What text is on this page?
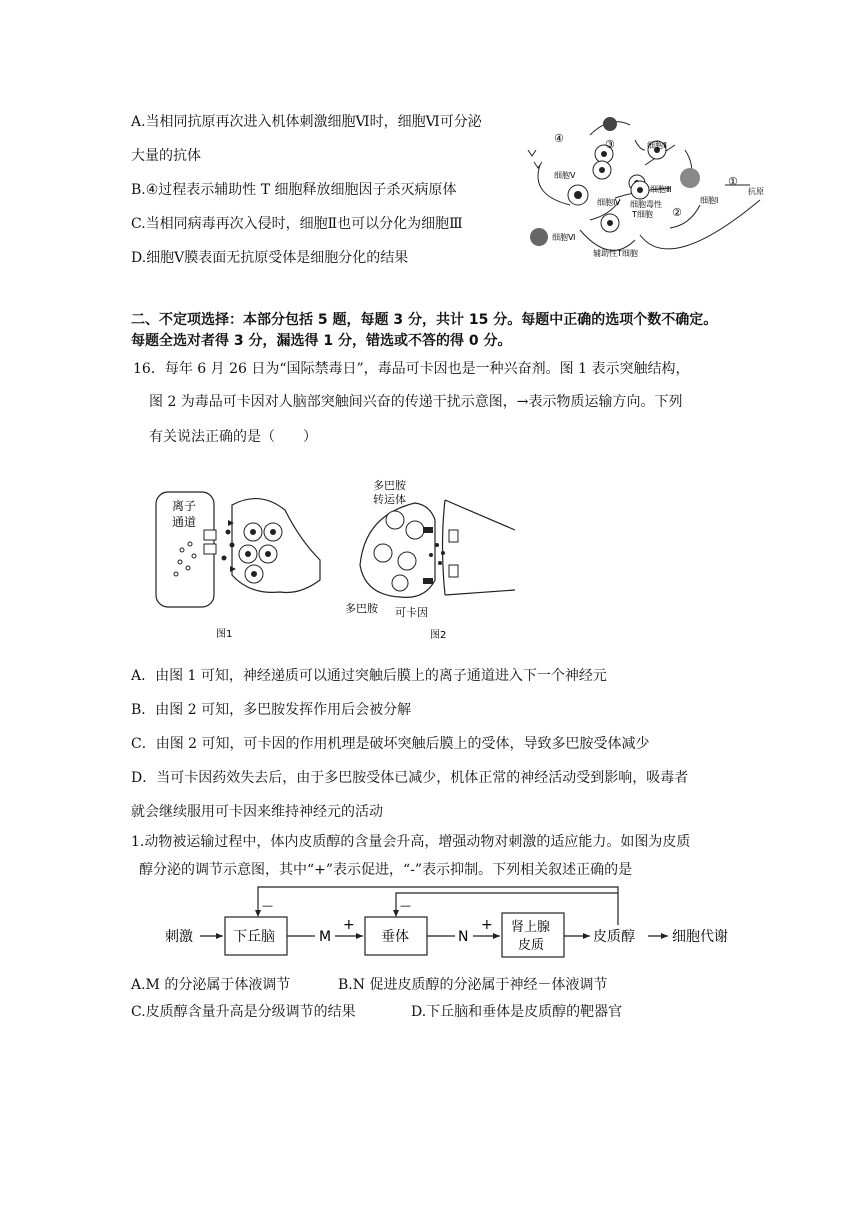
A.当相同抗原再次进入机体刺激细胞Ⅵ时，细胞Ⅵ可分泌
大量的抗体
B.④过程表示辅助性 T 细胞释放细胞因子杀灭病原体
C.当相同病毒再次入侵时，细胞Ⅱ也可以分化为细胞Ⅲ
D.细胞Ⅴ膜表面无抗原受体是细胞分化的结果
④	③
①
②
细胞Ⅴ
细胞Ⅱ
细胞Ⅲ
细胞Ⅳ 细胞毒性
T细胞
细胞Ⅰ
抗原
细胞Ⅵ
辅助性T细胞
二、不定项选择：本部分包括 5 题，每题 3 分，共计 15 分。每题中正确的选项个数不确定。
每题全选对者得 3 分，漏选得 1 分，错选或不答的得 0 分。
16．每年 6 月 26 日为“国际禁毒日”，毒品可卡因也是一种兴奋剂。图 1 表示突触结构，
图 2 为毒品可卡因对人脑部突触间兴奋的传递干扰示意图，→表示物质运输方向。下列
有关说法正确的是（　　）
离子
通道
图1
多巴胺
转运体
多巴胺 可卡因
图2
A．由图 1 可知，神经递质可以通过突触后膜上的离子通道进入下一个神经元
B．由图 2 可知，多巴胺发挥作用后会被分解
C．由图 2 可知，可卡因的作用机理是破坏突触后膜上的受体，导致多巴胺受体减少
D．当可卡因药效失去后，由于多巴胺受体已减少，机体正常的神经活动受到影响，吸毒者
就会继续服用可卡因来维持神经元的活动
1.动物被运输过程中，体内皮质醇的含量会升高，增强动物对刺激的适应能力。如图为皮质
醇分泌的调节示意图，其中“+”表示促进，“-”表示抑制。下列相关叙述正确的是
刺激	下丘脑	M	垂体	N
肾上腺
皮质
皮质醇	细胞代谢
+	+
—	—
A.M 的分泌属于体液调节	B.N 促进皮质醇的分泌属于神经－体液调节
C.皮质醇含量升高是分级调节的结果	D.下丘脑和垂体是皮质醇的靶器官
